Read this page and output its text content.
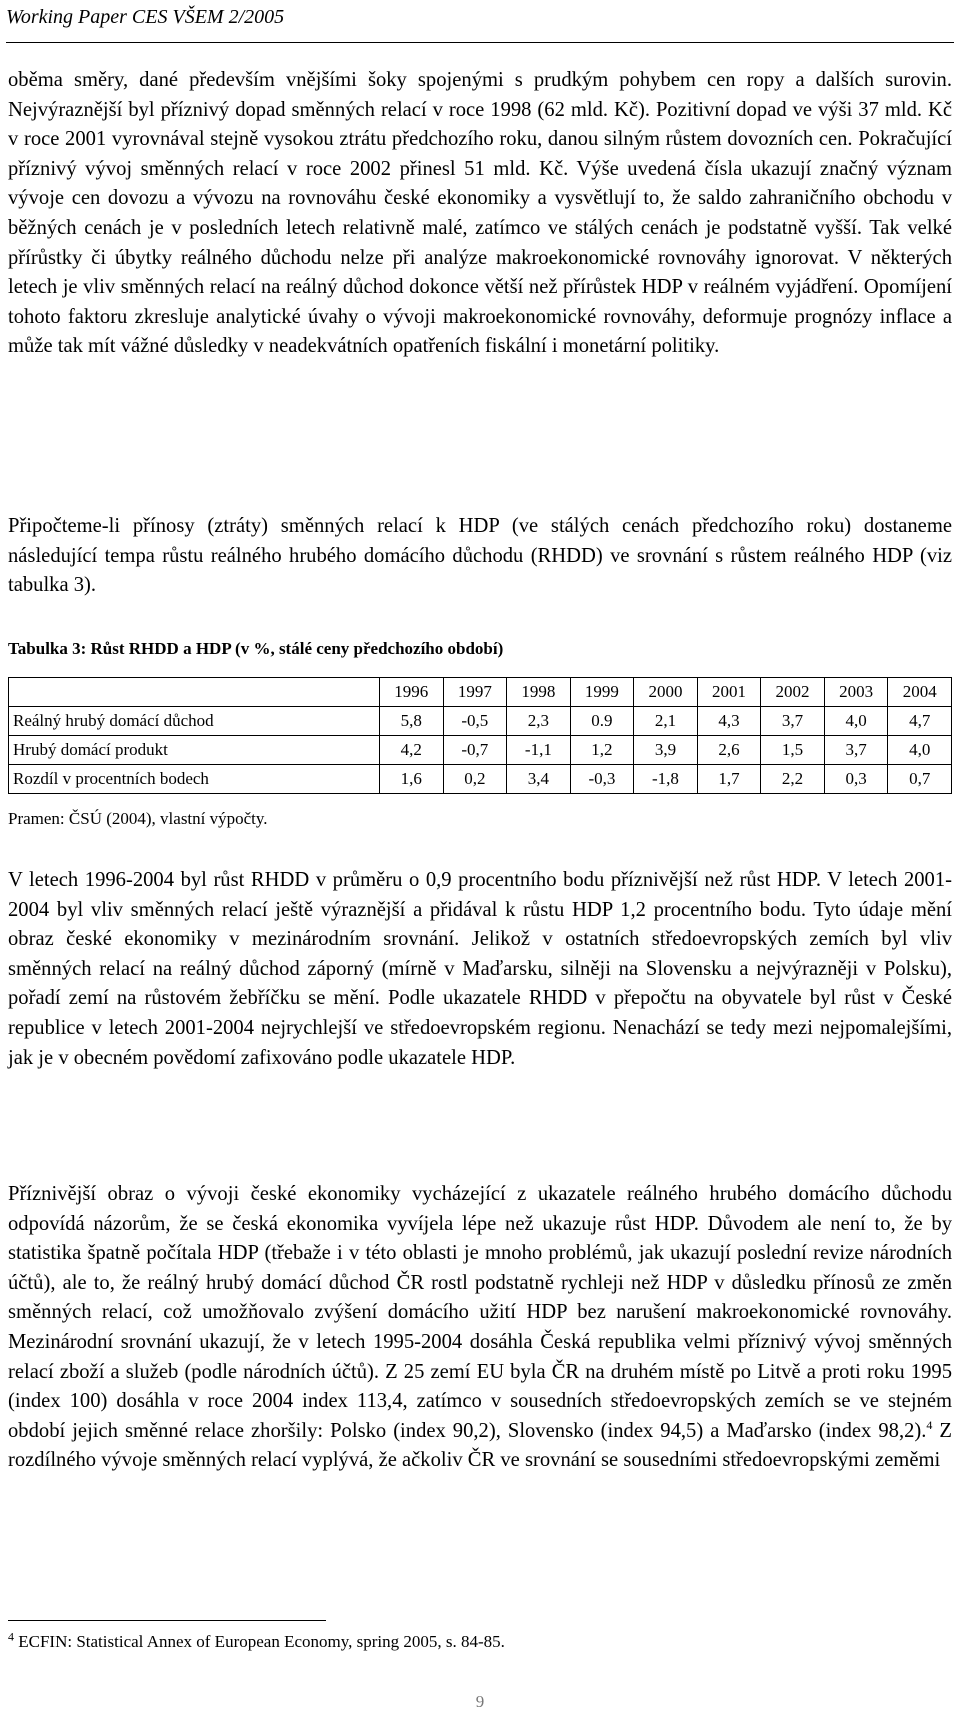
Working Paper CES VŠEM 2/2005

oběma směry, dané především vnějšími šoky spojenými s prudkým pohybem cen ropy a dalších surovin. Nejvýraznější byl příznivý dopad směnných relací v roce 1998 (62 mld. Kč). Pozitivní dopad ve výši 37 mld. Kč v roce 2001 vyrovnával stejně vysokou ztrátu předchozího roku, danou silným růstem dovozních cen. Pokračující příznivý vývoj směnných relací v roce 2002 přinesl 51 mld. Kč. Výše uvedená čísla ukazují značný význam vývoje cen dovozu a vývozu na rovnováhu české ekonomiky a vysvětlují to, že saldo zahraničního obchodu v běžných cenách je v posledních letech relativně malé, zatímco ve stálých cenách je podstatně vyšší. Tak velké přírůstky či úbytky reálného důchodu nelze při analýze makroekonomické rovnováhy ignorovat. V některých letech je vliv směnných relací na reálný důchod dokonce větší než přírůstek HDP v reálném vyjádření. Opomíjení tohoto faktoru zkresluje analytické úvahy o vývoji makroekonomické rovnováhy, deformuje prognózy inflace a může tak mít vážné důsledky v neadekvátních opatřeních fiskální i monetární politiky.

Připočteme-li přínosy (ztráty) směnných relací k HDP (ve stálých cenách předchozího roku) dostaneme následující tempa růstu reálného hrubého domácího důchodu (RHDD) ve srovnání s růstem reálného HDP (viz tabulka 3).

Tabulka 3: Růst RHDD a HDP (v %, stálé ceny předchozího období)
		1996	1997	1998	1999	2000	2001	2002	2003	2004
Reálný hrubý domácí důchod		5,8	-0,5	2,3	0.9	2,1	4,3	3,7	4,0	4,7
Hrubý domácí produkt		4,2	-0,7	-1,1	1,2	3,9	2,6	1,5	3,7	4,0
Rozdíl v procentních bodech		1,6	0,2	3,4	-0,3	-1,8	1,7	2,2	0,3	0,7
Pramen: ČSÚ (2004), vlastní výpočty.

V letech 1996-2004 byl růst RHDD v průměru o 0,9 procentního bodu příznivější než růst HDP. V letech 2001-2004 byl vliv směnných relací ještě výraznější a přidával k růstu HDP 1,2 procentního bodu. Tyto údaje mění obraz české ekonomiky v mezinárodním srovnání. Jelikož v ostatních středoevropských zemích byl vliv směnných relací na reálný důchod záporný (mírně v Maďarsku, silněji na Slovensku a nejvýrazněji v Polsku), pořadí zemí na růstovém žebříčku se mění. Podle ukazatele RHDD v přepočtu na obyvatele byl růst v České republice v letech 2001-2004 nejrychlejší ve středoevropském regionu. Nenachází se tedy mezi nejpomalejšími, jak je v obecném povědomí zafixováno podle ukazatele HDP.

Příznivější obraz o vývoji české ekonomiky vycházející z ukazatele reálného hrubého domácího důchodu odpovídá názorům, že se česká ekonomika vyvíjela lépe než ukazuje růst HDP. Důvodem ale není to, že by statistika špatně počítala HDP (třebaže i v této oblasti je mnoho problémů, jak ukazují poslední revize národních účtů), ale to, že reálný hrubý domácí důchod ČR rostl podstatně rychleji než HDP v důsledku přínosů ze změn směnných relací, což umožňovalo zvýšení domácího užití HDP bez narušení makroekonomické rovnováhy. Mezinárodní srovnání ukazují, že v letech 1995-2004 dosáhla Česká republika velmi příznivý vývoj směnných relací zboží a služeb (podle národních účtů). Z 25 zemí EU byla ČR na druhém místě po Litvě a proti roku 1995 (index 100) dosáhla v roce 2004 index 113,4, zatímco v sousedních středoevropských zemích se ve stejném období jejich směnné relace zhoršily: Polsko (index 90,2), Slovensko (index 94,5) a Maďarsko (index 98,2).$^4$ Z rozdílného vývoje směnných relací vyplývá, že ačkoliv ČR ve srovnání se sousedními středoevropskými zeměmi

$^4$ ECFIN: Statistical Annex of European Economy, spring 2005, s. 84-85.
9
